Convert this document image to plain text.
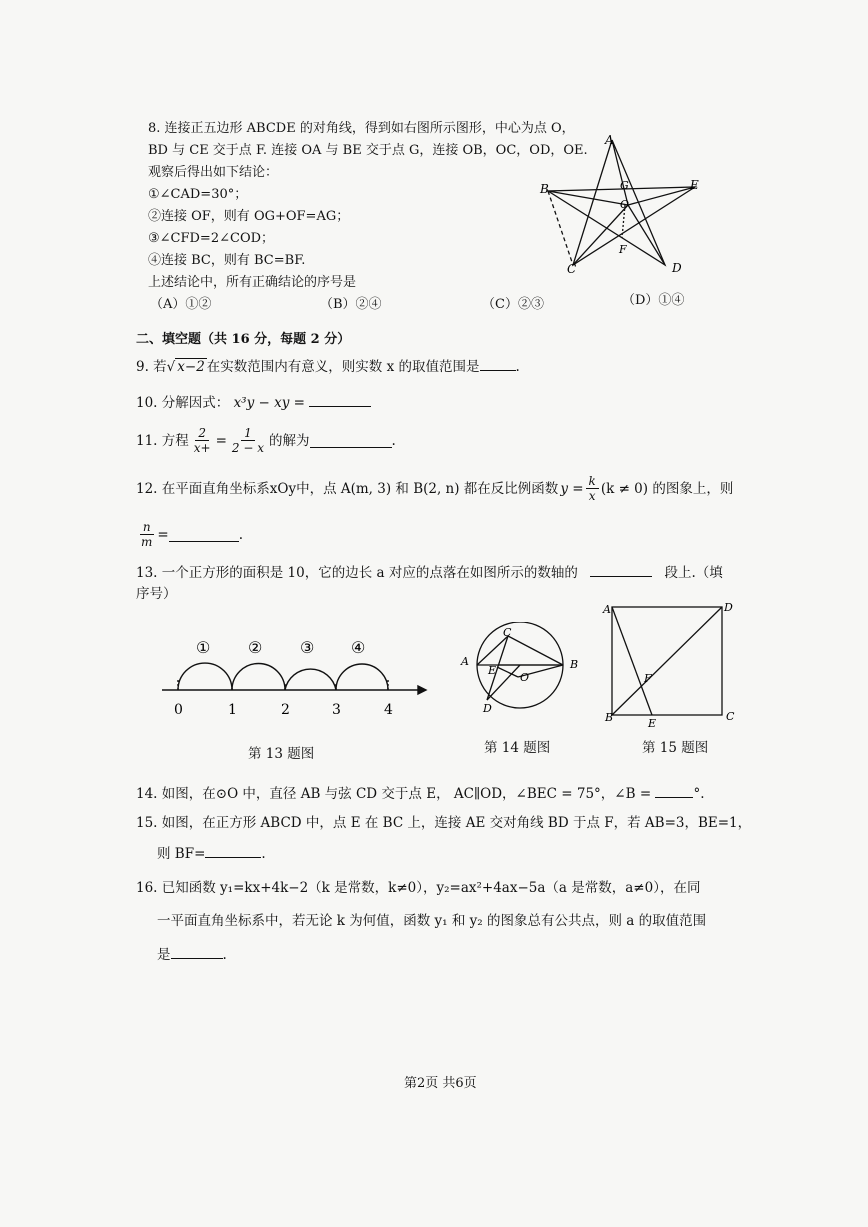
8. 连接正五边形 ABCDE 的对角线，得到如右图所示图形，中心为点 O，
BD 与 CE 交于点 F. 连接 OA 与 BE 交于点 G，连接 OB，OC，OD，OE.
观察后得出如下结论：
①∠CAD=30°；
②连接 OF，则有 OG+OF=AG；
③∠CFD=2∠COD；
④连接 BC，则有 BC=BF.
上述结论中，所有正确结论的序号是
（A）①②	（B）②④	（C）②③	（D）①④
A
B
C	D
E
F
G
O
二、填空题（共 16 分，每题 2 分）
9. 若√ x−2 在实数范围内有意义，则实数 x 的取值范围是	.
10. 分解因式： x³y − xy =
11. 方程 $\frac{2}{x+} = \frac{1}{2 - x}$ 的解为	.
12. 在平面直角坐标系xOy中，点 A(m, 3) 和 B(2, n) 都在反比例函数 $y = \frac{k}{x} (k \ne 0)$ 的图象上，则
$\frac{n}{m}$ =	.
13. 一个正方形的面积是 10，它的边长 a 对应的点落在如图所示的数轴的	段上.（填
序号）
① ② ③ ④
0	1	2	3	4
第 13 题图
C
A	B
D
E
O
第 14 题图
A	D
B	C
E
F
第 15 题图
14. 如图，在⊙O 中，直径 AB 与弦 CD 交于点 E， AC∥OD，∠BEC = 75°，∠B =	°.
15. 如图，在正方形 ABCD 中，点 E 在 BC 上，连接 AE 交对角线 BD 于点 F，若 AB=3，BE=1，
则 BF=	.
16. 已知函数 y₁=kx+4k−2（k 是常数，k≠0），y₂=ax²+4ax−5a（a 是常数，a≠0），在同
一平面直角坐标系中，若无论 k 为何值，函数 y₁ 和 y₂ 的图象总有公共点，则 a 的取值范围
是	.
第2页 共6页
